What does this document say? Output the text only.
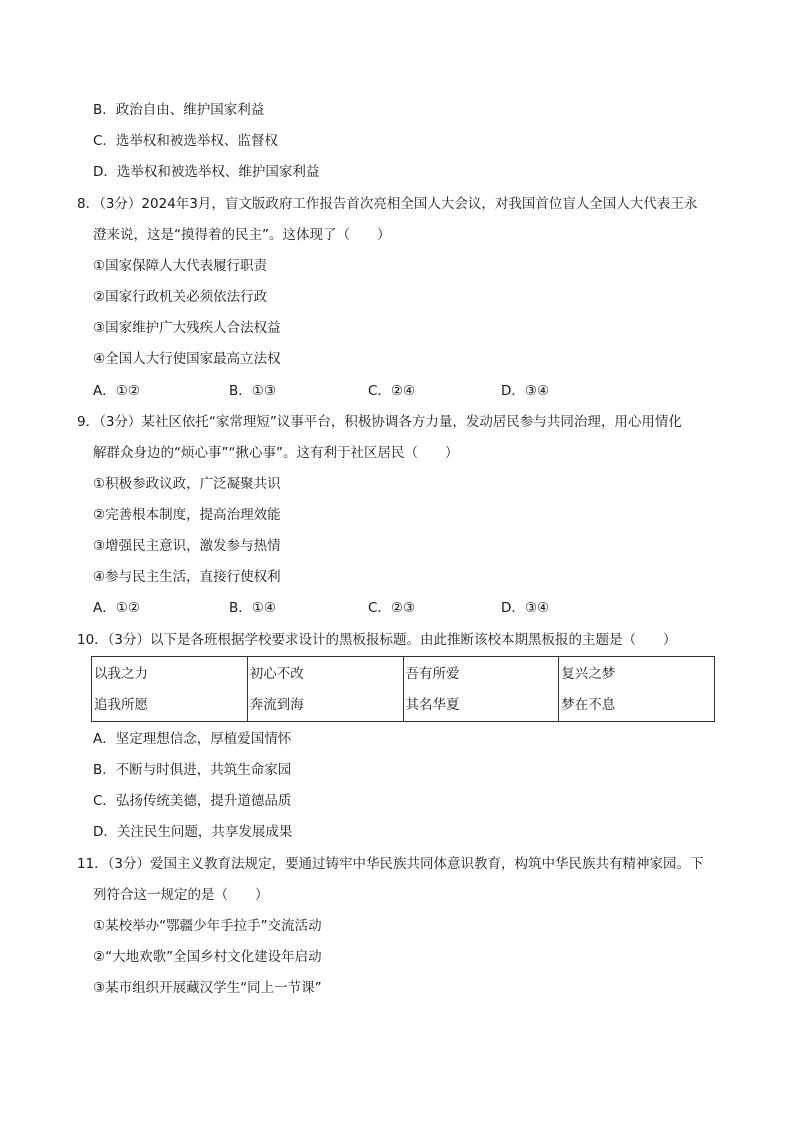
B．政治自由、维护国家利益
C．选举权和被选举权、监督权
D．选举权和被选举权、维护国家利益
8．（3分）2024年3月，盲文版政府工作报告首次亮相全国人大会议，对我国首位盲人全国人大代表王永
澄来说，这是“摸得着的民主”。这体现了（　　）
①国家保障人大代表履行职责
②国家行政机关必须依法行政
③国家维护广大残疾人合法权益
④全国人大行使国家最高立法权
A．①②	B．①③	C．②④	D．③④
9．（3分）某社区依托“家常理短”议事平台，积极协调各方力量，发动居民参与共同治理，用心用情化
解群众身边的“烦心事”“揪心事”。这有利于社区居民（　　）
①积极参政议政，广泛凝聚共识
②完善根本制度，提高治理效能
③增强民主意识，激发参与热情
④参与民主生活，直接行使权利
A．①②	B．①④	C．②③	D．③④
10．（3分）以下是各班根据学校要求设计的黑板报标题。由此推断该校本期黑板报的主题是（　　）
以我之力
追我所愿

初心不改
奔流到海

吾有所爱
其名华夏

复兴之梦
梦在不息
A．坚定理想信念，厚植爱国情怀
B．不断与时俱进，共筑生命家园
C．弘扬传统美德，提升道德品质
D．关注民生问题，共享发展成果
11．（3分）爱国主义教育法规定，要通过铸牢中华民族共同体意识教育，构筑中华民族共有精神家园。下
列符合这一规定的是（　　）
①某校举办“鄂疆少年手拉手”交流活动
②“大地欢歌”全国乡村文化建设年启动
③某市组织开展藏汉学生“同上一节课”
